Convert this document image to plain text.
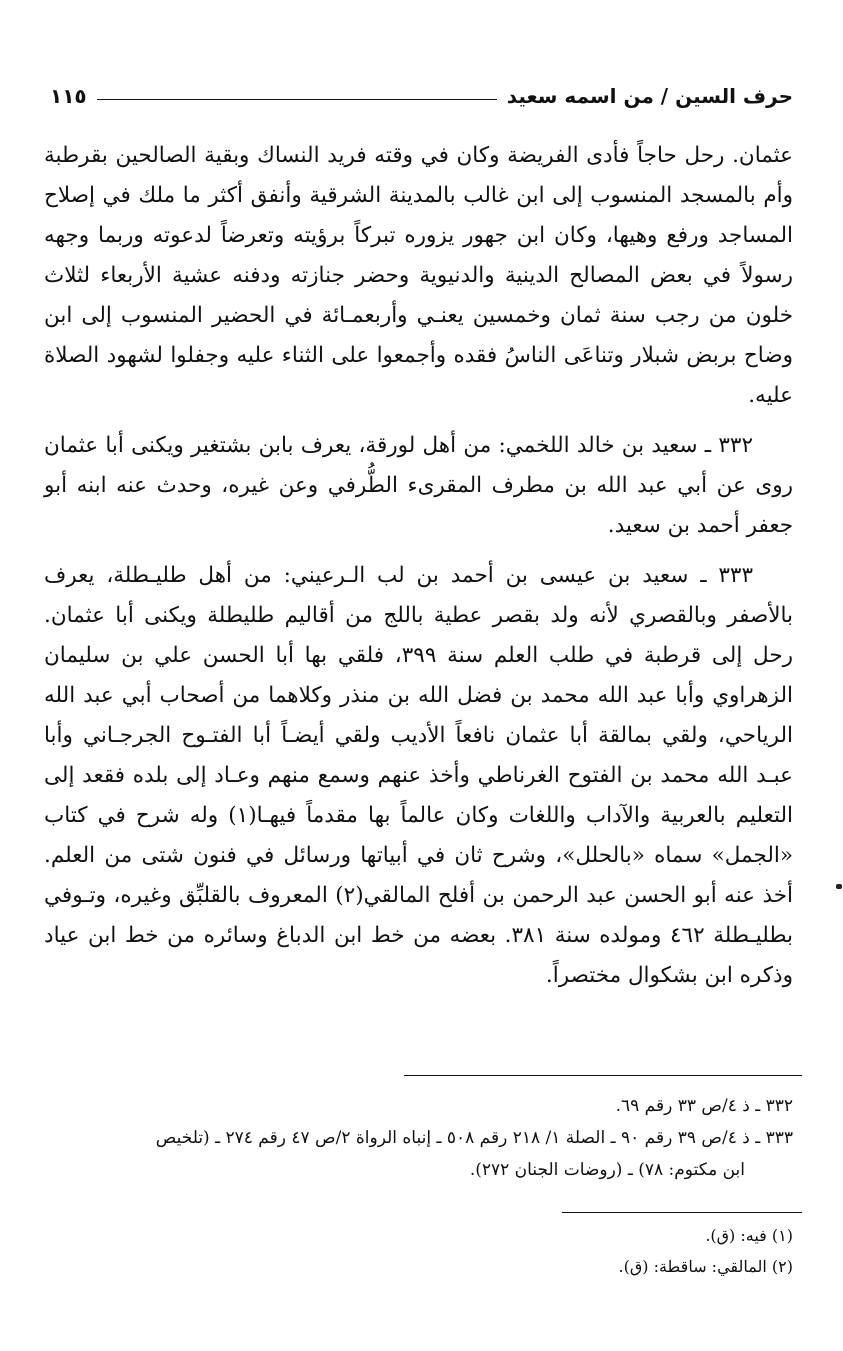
حرف السين / من اسمه سعيد
١١٥

عثمان. رحل حاجاً فأدى الفريضة وكان في وقته فريد النساك وبقية الصالحين بقرطبة وأم بالمسجد المنسوب إلى ابن غالب بالمدينة الشرقية وأنفق أكثر ما ملك في إصلاح المساجد ورفع وهيها، وكان ابن جهور يزوره تبركاً برؤيته وتعرضاً لدعوته وربما وجهه رسولاً في بعض المصالح الدينية والدنيوية وحضر جنازته ودفنه عشية الأربعاء لثلاث خلون من رجب سنة ثمان وخمسين يعنـي وأربعمـائة في الحضير المنسوب إلى ابن وضاح بربض شبلار وتناعَى الناسُ فقده وأجمعوا على الثناء عليه وجفلوا لشهود الصلاة عليه.

٣٣٢ ـ سعيد بن خالد اللخمي: من أهل لورقة، يعرف بابن بشتغير ويكنى أبا عثمان روى عن أبي عبد الله بن مطرف المقرىء الطُّرفي وعن غيره، وحدث عنه ابنه أبو جعفر أحمد بن سعيد.

٣٣٣ ـ سعيد بن عيسى بن أحمد بن لب الـرعيني: من أهل طليـطلة، يعرف بالأصفر وبالقصري لأنه ولد بقصر عطية باللج من أقاليم طليطلة ويكنى أبا عثمان. رحل إلى قرطبة في طلب العلم سنة ٣٩٩، فلقي بها أبا الحسن علي بن سليمان الزهراوي وأبا عبد الله محمد بن فضل الله بن منذر وكلاهما من أصحاب أبي عبد الله الرياحي، ولقي بمالقة أبا عثمان نافعاً الأديب ولقي أيضـاً أبا الفتـوح الجرجـاني وأبا عبـد الله محمد بن الفتوح الغرناطي وأخذ عنهم وسمع منهم وعـاد إلى بلده فقعد إلى التعليم بالعربية والآداب واللغات وكان عالماً بها مقدماً فيهـا(١) وله شرح في كتاب «الجمل» سماه «بالحلل»، وشرح ثان في أبياتها ورسائل في فنون شتى من العلم. أخذ عنه أبو الحسن عبد الرحمن بن أفلح المالقي(٢) المعروف بالقلبِّق وغيره، وتـوفي بطليـطلة ٤٦٢ ومولده سنة ٣٨١. بعضه من خط ابن الدباغ وسائره من خط ابن عياد وذكره ابن بشكوال مختصراً.

٣٣٢ ـ ذ ٤/ص ٣٣ رقم ٦٩.
٣٣٣ ـ ذ ٤/ص ٣٩ رقم ٩٠ ـ الصلة ١/ ٢١٨ رقم ٥٠٨ ـ إنباه الرواة ٢/ص ٤٧ رقم ٢٧٤ ـ (تلخيص
ابن مكتوم: ٧٨) ـ (روضات الجنان ٢٧٢).
(١) فيه: (ق).
(٢) المالقي: ساقطة: (ق).
